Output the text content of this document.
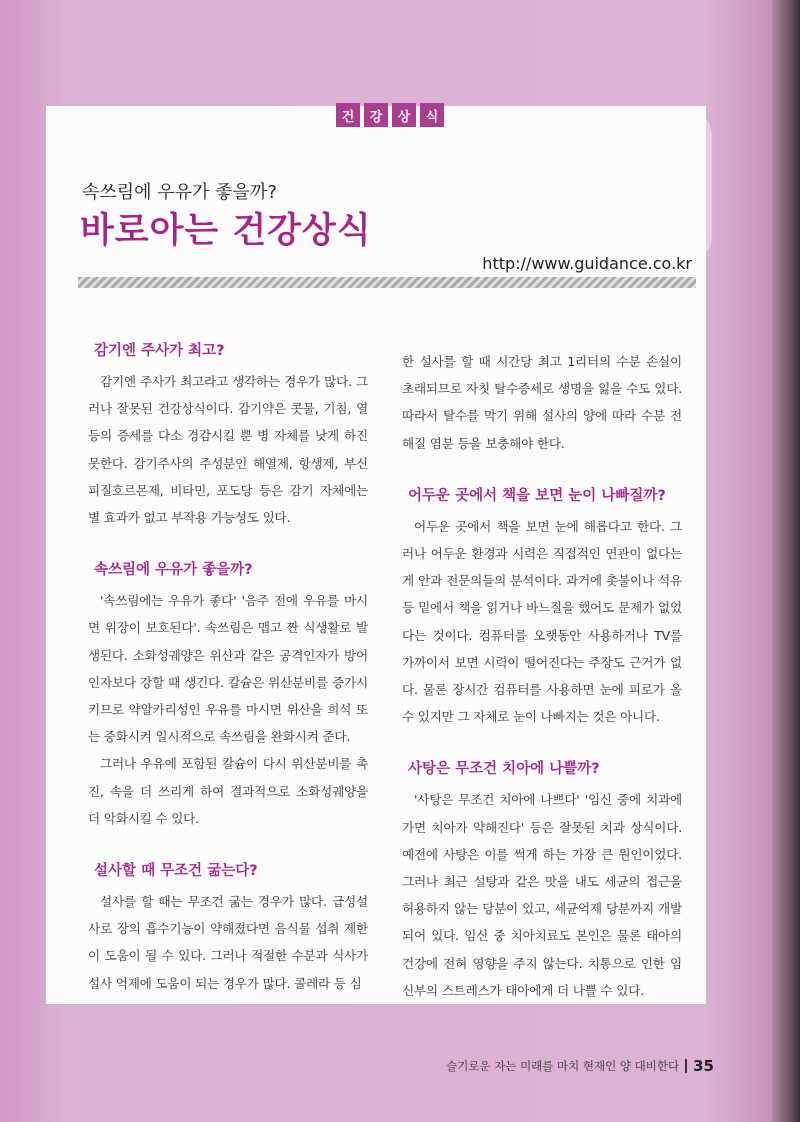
건	강	상	식
속쓰림에 우유가 좋을까?
바로아는 건강상식
http://www.guidance.co.kr
감기엔 주사가 최고?

감기엔 주사가 최고라고 생각하는 경우가 많다. 그러나 잘못된 건강상식이다. 감기약은 콧물, 기침, 열 등의 증세를 다소 경감시킬 뿐 병 자체를 낫게 하진 못한다. 감기주사의 주성분인 해열제, 항생제, 부신피질호르몬제, 비타민, 포도당 등은 감기 자체에는 별 효과가 없고 부작용 가능성도 있다.

속쓰림에 우유가 좋을까?

'속쓰림에는 우유가 좋다' '음주 전에 우유를 마시면 위장이 보호된다'. 속쓰림은 맵고 짠 식생활로 발생된다. 소화성궤양은 위산과 같은 공격인자가 방어인자보다 강할 때 생긴다. 칼슘은 위산분비를 증가시키므로 약알카리성인 우유를 마시면 위산을 희석 또는 중화시켜 일시적으로 속쓰림을 완화시켜 준다.

그러나 우유에 포함된 칼슘이 다시 위산분비를 촉진, 속을 더 쓰리게 하여 결과적으로 소화성궤양을 더 악화시킬 수 있다.

설사할 때 무조건 굶는다?

설사를 할 때는 무조건 굶는 경우가 많다. 급성설사로 장의 흡수기능이 약해졌다면 음식물 섭취 제한이 도움이 될 수 있다. 그러나 적절한 수분과 식사가 설사 억제에 도움이 되는 경우가 많다. 콜레라 등 심

한 설사를 할 때 시간당 최고 1리터의 수분 손실이 초래되므로 자칫 탈수증세로 생명을 잃을 수도 있다. 따라서 탈수를 막기 위해 설사의 양에 따라 수분 전해질 염분 등을 보충해야 한다.

어두운 곳에서 책을 보면 눈이 나빠질까?

어두운 곳에서 책을 보면 눈에 해롭다고 한다. 그러나 어두운 환경과 시력은 직접적인 연관이 없다는 게 안과 전문의들의 분석이다. 과거에 촛불이나 석유등 밑에서 책을 읽거나 바느질을 했어도 문제가 없었다는 것이다. 컴퓨터를 오랫동안 사용하거나 TV를 가까이서 보면 시력이 떨어진다는 주장도 근거가 없다. 물론 장시간 컴퓨터를 사용하면 눈에 피로가 올 수 있지만 그 자체로 눈이 나빠지는 것은 아니다.

사탕은 무조건 치아에 나쁠까?

'사탕은 무조건 치아에 나쁘다' '임신 중에 치과에 가면 치아가 약해진다' 등은 잘못된 치과 상식이다. 예전에 사탕은 이를 썩게 하는 가장 큰 원인이었다. 그러나 최근 설탕과 같은 맛을 내도 세균의 접근을 허용하지 않는 당분이 있고, 세균억제 당분까지 개발되어 있다. 임신 중 치아치료도 본인은 물론 태아의 건강에 전혀 영향을 주지 않는다. 치통으로 인한 임신부의 스트레스가 태아에게 더 나쁠 수 있다.

슬기로운 자는 미래를 마치 현재인 양 대비한다 35
